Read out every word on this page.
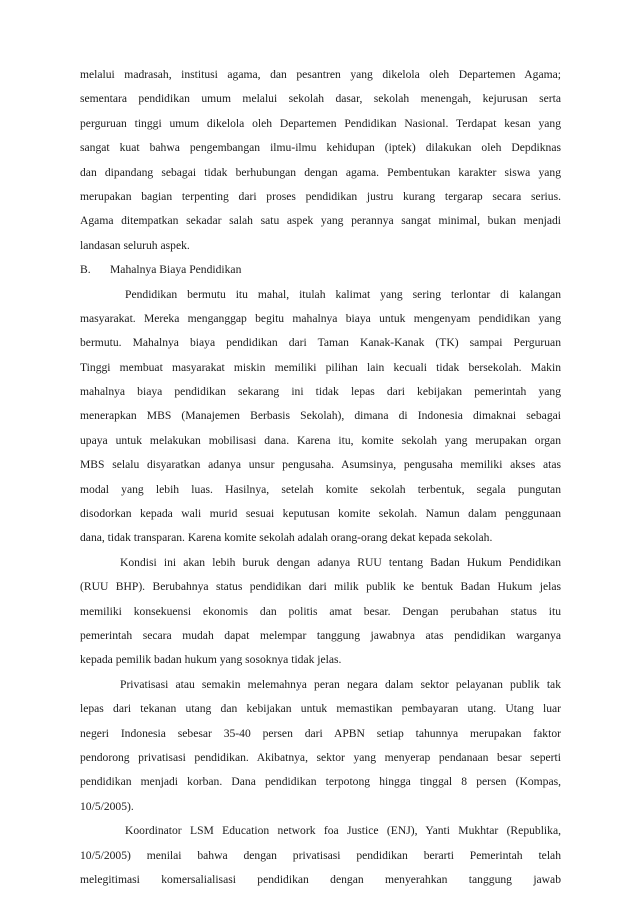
melalui madrasah, institusi agama, dan pesantren yang dikelola oleh Departemen Agama;
sementara pendidikan umum melalui sekolah dasar, sekolah menengah, kejurusan serta
perguruan tinggi umum dikelola oleh Departemen Pendidikan Nasional. Terdapat kesan yang
sangat kuat bahwa pengembangan ilmu-ilmu kehidupan (iptek) dilakukan oleh Depdiknas
dan dipandang sebagai tidak berhubungan dengan agama. Pembentukan karakter siswa yang
merupakan bagian terpenting dari proses pendidikan justru kurang tergarap secara serius.
Agama ditempatkan sekadar salah satu aspek yang perannya sangat minimal, bukan menjadi
landasan seluruh aspek.
B. Mahalnya Biaya Pendidikan
Pendidikan bermutu itu mahal, itulah kalimat yang sering terlontar di kalangan
masyarakat. Mereka menganggap begitu mahalnya biaya untuk mengenyam pendidikan yang
bermutu. Mahalnya biaya pendidikan dari Taman Kanak-Kanak (TK) sampai Perguruan
Tinggi membuat masyarakat miskin memiliki pilihan lain kecuali tidak bersekolah. Makin
mahalnya biaya pendidikan sekarang ini tidak lepas dari kebijakan pemerintah yang
menerapkan MBS (Manajemen Berbasis Sekolah), dimana di Indonesia dimaknai sebagai
upaya untuk melakukan mobilisasi dana. Karena itu, komite sekolah yang merupakan organ
MBS selalu disyaratkan adanya unsur pengusaha. Asumsinya, pengusaha memiliki akses atas
modal yang lebih luas. Hasilnya, setelah komite sekolah terbentuk, segala pungutan
disodorkan kepada wali murid sesuai keputusan komite sekolah. Namun dalam penggunaan
dana, tidak transparan. Karena komite sekolah adalah orang-orang dekat kepada sekolah.
Kondisi ini akan lebih buruk dengan adanya RUU tentang Badan Hukum Pendidikan
(RUU BHP). Berubahnya status pendidikan dari milik publik ke bentuk Badan Hukum jelas
memiliki konsekuensi ekonomis dan politis amat besar. Dengan perubahan status itu
pemerintah secara mudah dapat melempar tanggung jawabnya atas pendidikan warganya
kepada pemilik badan hukum yang sosoknya tidak jelas.
Privatisasi atau semakin melemahnya peran negara dalam sektor pelayanan publik tak
lepas dari tekanan utang dan kebijakan untuk memastikan pembayaran utang. Utang luar
negeri Indonesia sebesar 35-40 persen dari APBN setiap tahunnya merupakan faktor
pendorong privatisasi pendidikan. Akibatnya, sektor yang menyerap pendanaan besar seperti
pendidikan menjadi korban. Dana pendidikan terpotong hingga tinggal 8 persen (Kompas,
10/5/2005).
Koordinator LSM Education network foa Justice (ENJ), Yanti Mukhtar (Republika,
10/5/2005) menilai bahwa dengan privatisasi pendidikan berarti Pemerintah telah
melegitimasi komersalialisasi pendidikan dengan menyerahkan tanggung jawab
